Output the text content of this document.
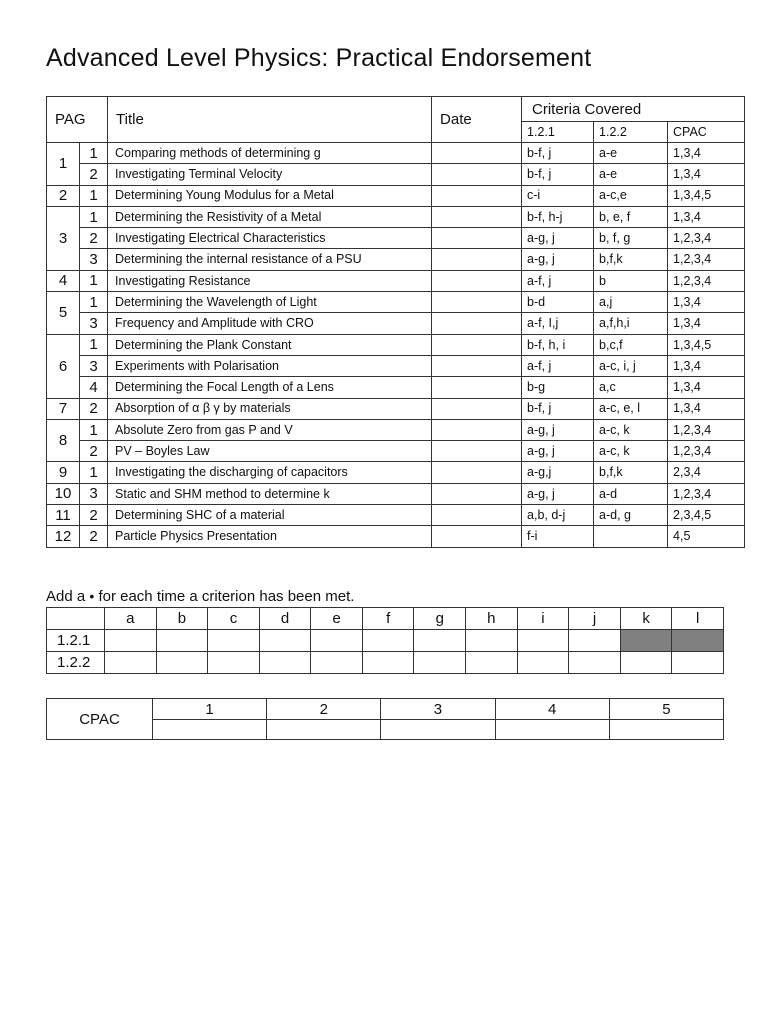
Advanced Level Physics: Practical Endorsement
PAG		Title	Date	Criteria Covered		
				1.2.1	1.2.2	CPAC
1	1	Comparing methods of determining g		b-f, j	a-e	1,3,4
	2	Investigating Terminal Velocity		b-f, j	a-e	1,3,4
2	1	Determining Young Modulus for a Metal		c-i	a-c,e	1,3,4,5
3	1	Determining the Resistivity of a Metal		b-f, h-j	b, e, f	1,3,4
	2	Investigating Electrical Characteristics		a-g, j	b, f, g	1,2,3,4
	3	Determining the internal resistance of a PSU		a-g, j	b,f,k	1,2,3,4
4	1	Investigating Resistance		a-f, j	b	1,2,3,4
5	1	Determining the Wavelength of Light		b-d	a,j	1,3,4
	3	Frequency and Amplitude with CRO		a-f, I,j	a,f,h,i	1,3,4
6	1	Determining the Plank Constant		b-f, h, i	b,c,f	1,3,4,5
	3	Experiments with Polarisation		a-f, j	a-c, i, j	1,3,4
	4	Determining the Focal Length of a Lens		b-g	a,c	1,3,4
7	2	Absorption of α β γ by materials		b-f, j	a-c, e, l	1,3,4
8	1	Absolute Zero from gas P and V		a-g, j	a-c, k	1,2,3,4
	2	PV – Boyles Law		a-g, j	a-c, k	1,2,3,4
9	1	Investigating the discharging of capacitors		a-g,j	b,f,k	2,3,4
10	3	Static and SHM method to determine k		a-g, j	a-d	1,2,3,4
11	2	Determining SHC of a material		a,b, d-j	a-d, g	2,3,4,5
12	2	Particle Physics Presentation		f-i		4,5

Add a • for each time a criterion has been met.

	a	b	c	d	e	f	g	h	i	j	k	l
1.2.1												
1.2.2												
CPAC	1	2	3	4	5
